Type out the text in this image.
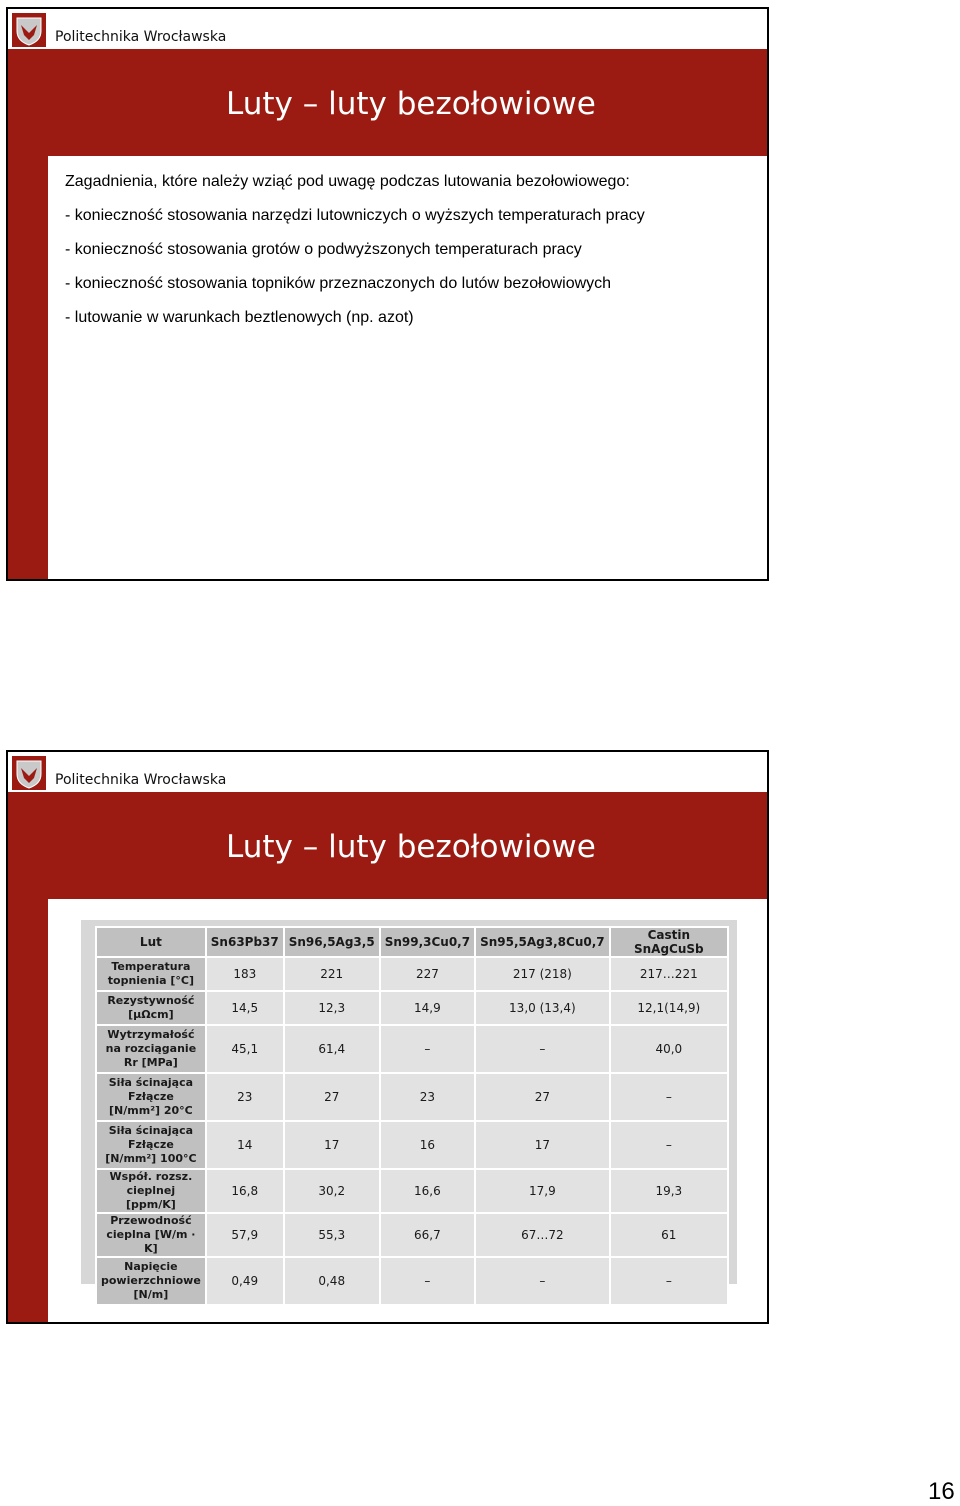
Politechnika Wrocławska
Luty – luty bezołowiowe

Zagadnienia, które należy wziąć pod uwagę podczas lutowania bezołowiowego:

- konieczność stosowania narzędzi lutowniczych o wyższych temperaturach pracy

- konieczność stosowania grotów o podwyższonych temperaturach pracy

- konieczność stosowania topników przeznaczonych do lutów bezołowiowych

- lutowanie w warunkach beztlenowych (np. azot)

Politechnika Wrocławska
Luty – luty bezołowiowe
Lut	Sn63Pb37	Sn96,5Ag3,5	Sn99,3Cu0,7	Sn95,5Ag3,8Cu0,7	Castin SnAgCuSb
Temperatura topnienia [°C]	183	221	227	217 (218)	217…221
Rezystywność [μΩcm]	14,5	12,3	14,9	13,0 (13,4)	12,1(14,9)
Wytrzymałość na rozciąganie Rr [MPa]	45,1	61,4	–	–	40,0
Siła ścinająca Fzłącze [N/mm²] 20°C	23	27	23	27	–
Siła ścinająca Fzłącze [N/mm²] 100°C	14	17	16	17	–
Współ. rozsz. cieplnej [ppm/K]	16,8	30,2	16,6	17,9	19,3
Przewodność cieplna [W/m · K]	57,9	55,3	66,7	67…72	61
Napięcie powierzchniowe [N/m]	0,49	0,48	–	–	–
16
